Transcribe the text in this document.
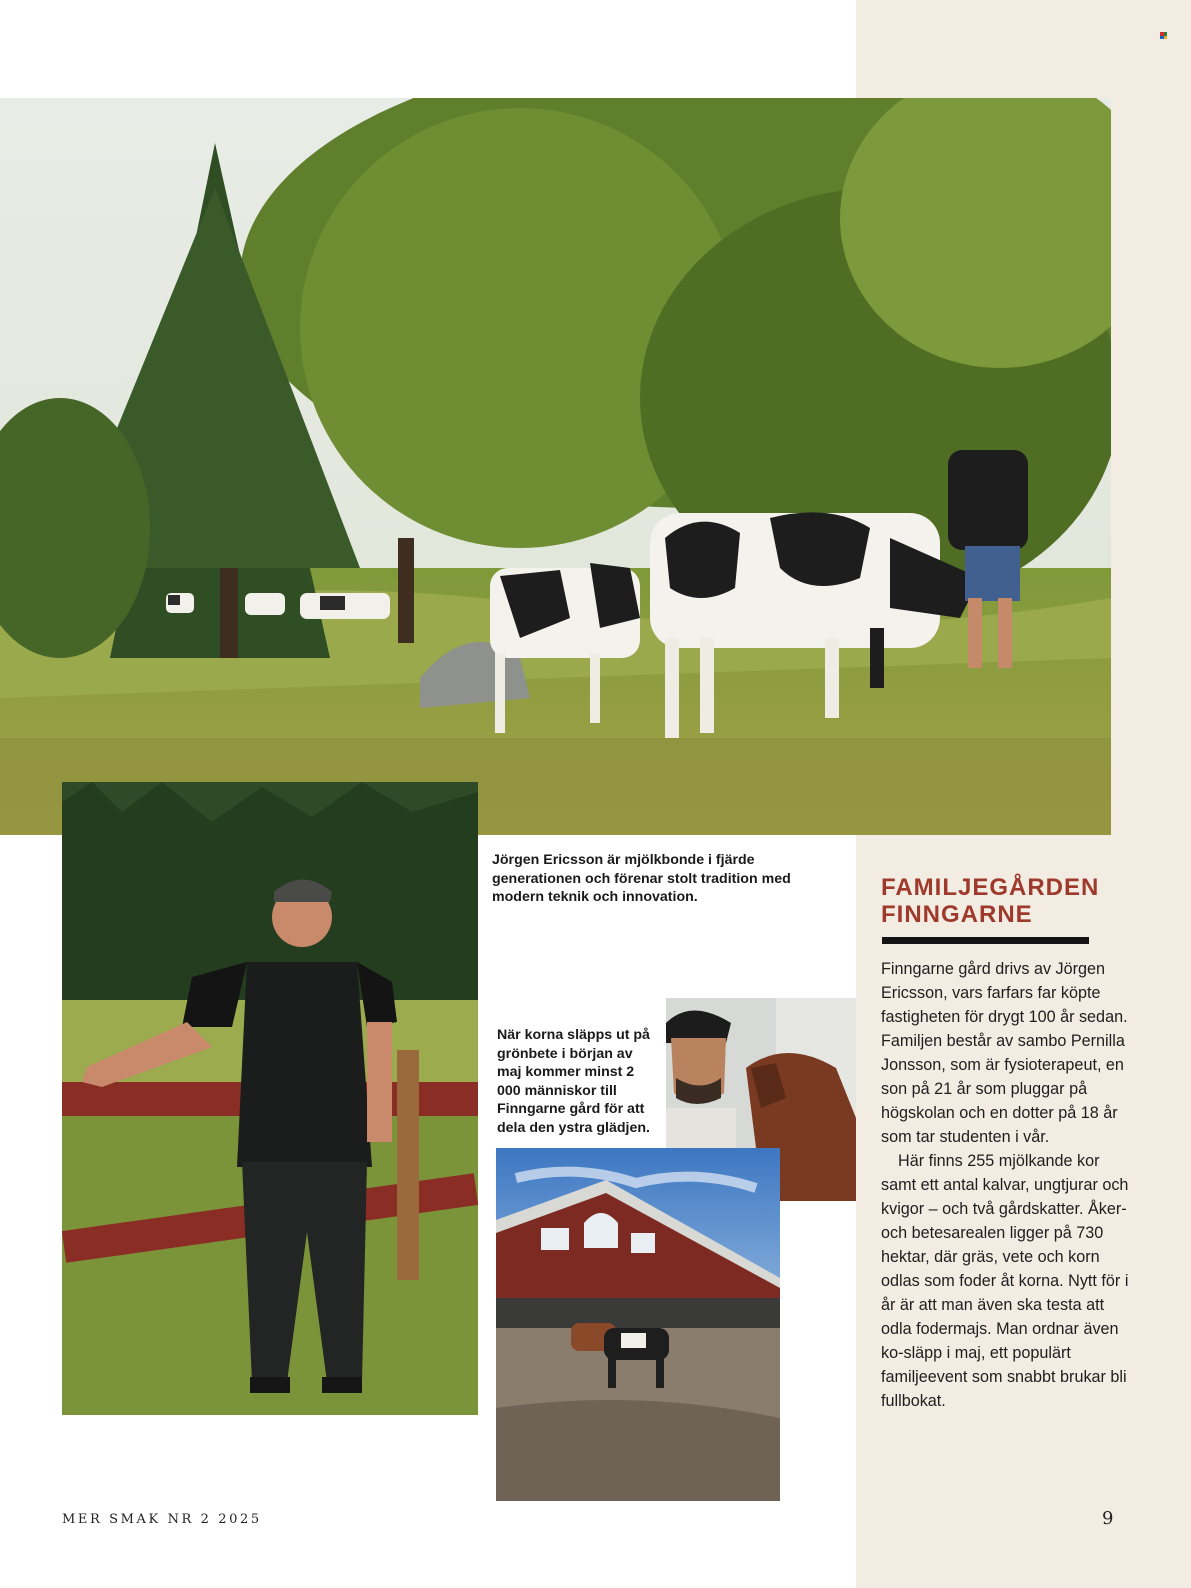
Jörgen Ericsson är mjölkbonde i fjärde generationen och förenar stolt tradition med modern teknik och innovation.
När korna släpps ut på grönbete i början av maj kommer minst 2 000 människor till Finngarne gård för att dela den ystra glädjen.
FAMILJEGÅRDEN
FINNGARNE

Finngarne gård drivs av Jörgen Ericsson, vars farfars far köpte fastigheten för drygt 100 år sedan. Familjen består av sambo Pernilla Jonsson, som är fysioterapeut, en son på 21 år som pluggar på högskolan och en dotter på 18 år som tar studenten i vår.

Här finns 255 mjölkande kor samt ett antal kalvar, ungtjurar och kvigor – och två gårdskatter. Åker- och betesarealen ligger på 730 hektar, där gräs, vete och korn odlas som foder åt korna. Nytt för i år är att man även ska testa att odla fodermajs. Man ordnar även ko-släpp i maj, ett populärt familjeevent som snabbt brukar bli fullbokat.

MER SMAK NR 2 2025	9
